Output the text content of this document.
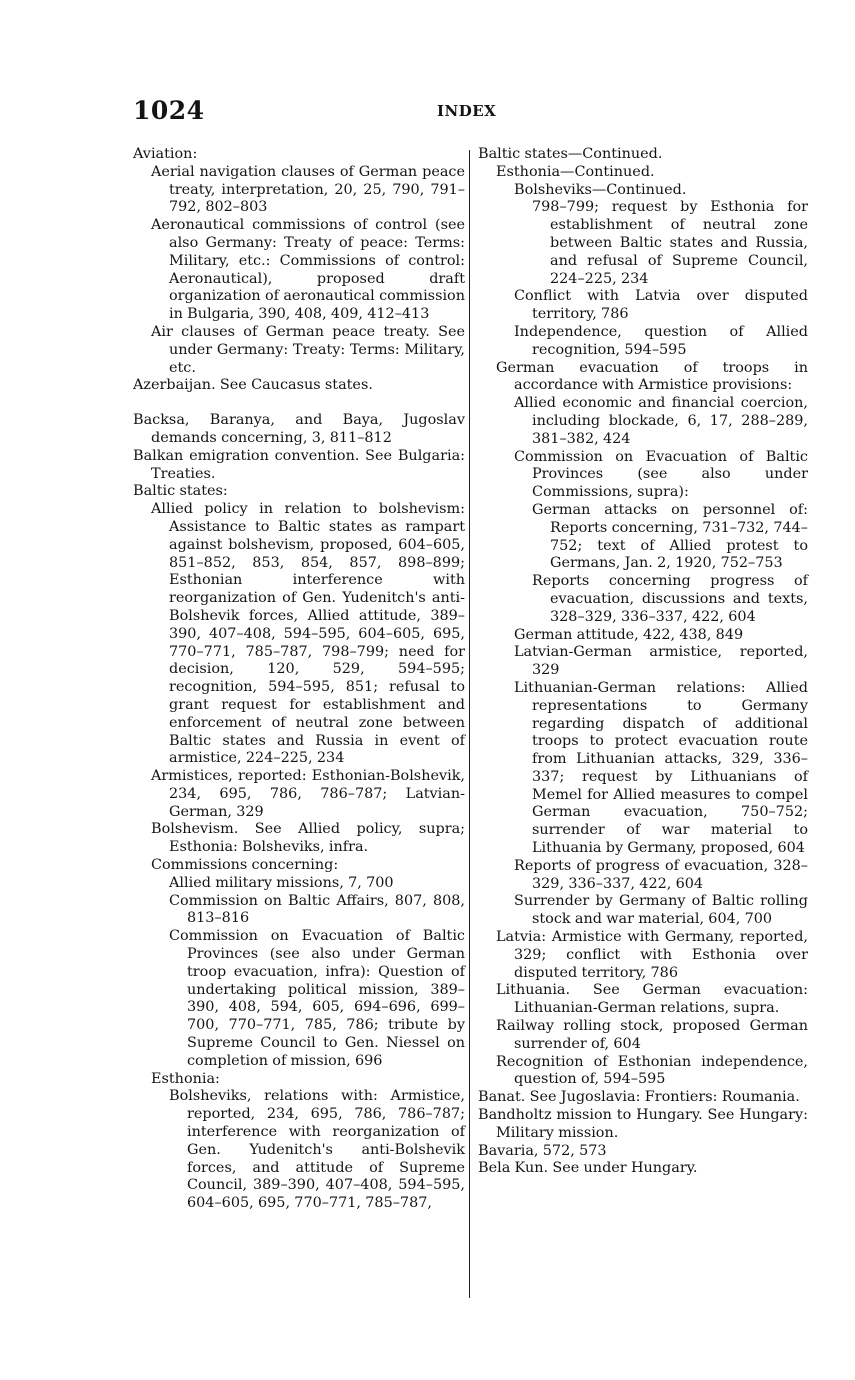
1024	INDEX

Aviation:

Aerial navigation clauses of German peace treaty, interpretation, 20, 25, 790, 791–792, 802–803

Aeronautical commissions of control (see also Germany: Treaty of peace: Terms: Military, etc.: Commissions of control: Aeronautical), proposed draft organization of aeronautical commission in Bulgaria, 390, 408, 409, 412–413

Air clauses of German peace treaty. See under Germany: Treaty: Terms: Military, etc.

Azerbaijan. See Caucasus states.

Backsa, Baranya, and Baya, Jugoslav demands concerning, 3, 811–812

Balkan emigration convention. See Bulgaria: Treaties.

Baltic states:

Allied policy in relation to bolshevism: Assistance to Baltic states as rampart against bolshevism, proposed, 604–605, 851–852, 853, 854, 857, 898–899; Esthonian interference with reorganization of Gen. Yudenitch's anti-Bolshevik forces, Allied attitude, 389–390, 407–408, 594–595, 604–605, 695, 770–771, 785–787, 798–799; need for decision, 120, 529, 594–595; recognition, 594–595, 851; refusal to grant request for establishment and enforcement of neutral zone between Baltic states and Russia in event of armistice, 224–225, 234

Armistices, reported: Esthonian-Bolshevik, 234, 695, 786, 786–787; Latvian-German, 329

Bolshevism. See Allied policy, supra; Esthonia: Bolsheviks, infra.

Commissions concerning:

Allied military missions, 7, 700

Commission on Baltic Affairs, 807, 808, 813–816

Commission on Evacuation of Baltic Provinces (see also under German troop evacuation, infra): Question of undertaking political mission, 389–390, 408, 594, 605, 694–696, 699–700, 770–771, 785, 786; tribute by Supreme Council to Gen. Niessel on completion of mission, 696

Esthonia:

Bolsheviks, relations with: Armistice, reported, 234, 695, 786, 786–787; interference with reorganization of Gen. Yudenitch's anti-Bolshevik forces, and attitude of Supreme Council, 389–390, 407–408, 594–595, 604–605, 695, 770–771, 785–787,

Baltic states—Continued.

Esthonia—Continued.

Bolsheviks—Continued.

798–799; request by Esthonia for establishment of neutral zone between Baltic states and Russia, and refusal of Supreme Council, 224–225, 234

Conflict with Latvia over disputed territory, 786

Independence, question of Allied recognition, 594–595

German evacuation of troops in accordance with Armistice provisions:

Allied economic and financial coercion, including blockade, 6, 17, 288–289, 381–382, 424

Commission on Evacuation of Baltic Provinces (see also under Commissions, supra):

German attacks on personnel of: Reports concerning, 731–732, 744–752; text of Allied protest to Germans, Jan. 2, 1920, 752–753

Reports concerning progress of evacuation, discussions and texts, 328–329, 336–337, 422, 604

German attitude, 422, 438, 849

Latvian-German armistice, reported, 329

Lithuanian-German relations: Allied representations to Germany regarding dispatch of additional troops to protect evacuation route from Lithuanian attacks, 329, 336–337; request by Lithuanians of Memel for Allied measures to compel German evacuation, 750–752; surrender of war material to Lithuania by Germany, proposed, 604

Reports of progress of evacuation, 328–329, 336–337, 422, 604

Surrender by Germany of Baltic rolling stock and war material, 604, 700

Latvia: Armistice with Germany, reported, 329; conflict with Esthonia over disputed territory, 786

Lithuania. See German evacuation: Lithuanian-German relations, supra.

Railway rolling stock, proposed German surrender of, 604

Recognition of Esthonian independence, question of, 594–595

Banat. See Jugoslavia: Frontiers: Roumania.

Bandholtz mission to Hungary. See Hungary: Military mission.

Bavaria, 572, 573

Bela Kun. See under Hungary.
